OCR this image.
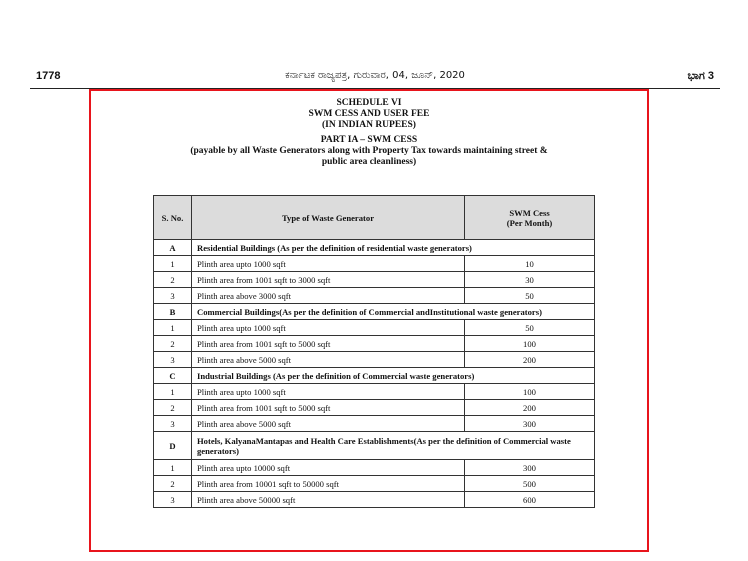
1778	ಕರ್ನಾಟಕ ರಾಜ್ಯಪತ್ರ, ಗುರುವಾರ, 04, ಜೂನ್, 2020	ಭಾಗ 3
SCHEDULE VI
SWM CESS AND USER FEE
(IN INDIAN RUPEES)
PART IA – SWM CESS
(payable by all Waste Generators along with Property Tax towards maintaining street & public area cleanliness)
S. No.	Type of Waste Generator	SWM Cess
(Per Month)

A	Residential Buildings (As per the definition of residential waste generators)	
1	Plinth area upto 1000 sqft	10
2	Plinth area from 1001 sqft to 3000 sqft	30
3	Plinth area above 3000 sqft	50
B	Commercial Buildings(As per the definition of Commercial andInstitutional waste generators)	
1	Plinth area upto 1000 sqft	50
2	Plinth area from 1001 sqft to 5000 sqft	100
3	Plinth area above 5000 sqft	200
C	Industrial Buildings (As per the definition of Commercial waste generators)	
1	Plinth area upto 1000 sqft	100
2	Plinth area from 1001 sqft to 5000 sqft	200
3	Plinth area above 5000 sqft	300
D	Hotels, KalyanaMantapas and Health Care Establishments(As per the definition of Commercial waste generators)	
1	Plinth area upto 10000 sqft	300
2	Plinth area from 10001 sqft to 50000 sqft	500
3	Plinth area above 50000 sqft	600
